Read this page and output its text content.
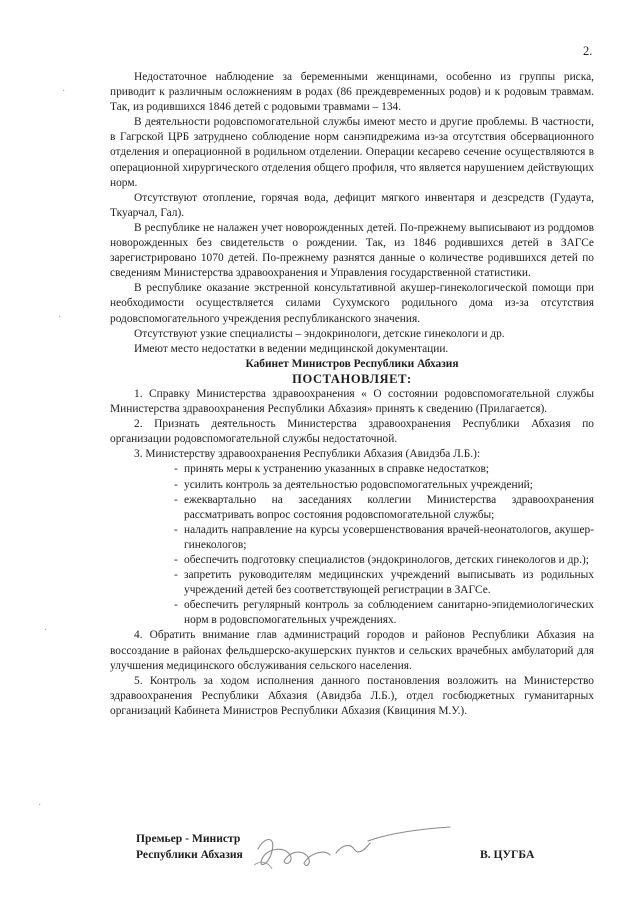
2.
·
·
·
·

Недостаточное наблюдение за беременными женщинами, особенно из группы риска, приводит к различным осложнениям в родах (86 преждевременных родов) и к родовым травмам. Так, из родившихся 1846 детей с родовыми травмами – 134.

В деятельности родовспомогательной службы имеют место и другие проблемы. В частности, в Гагрской ЦРБ затруднено соблюдение норм санэпидрежима из-за отсутствия обсервационного отделения и операционной в родильном отделении. Операции кесарево сечение осуществляются в операционной хирургического отделения общего профиля, что является нарушением действующих норм.

Отсутствуют отопление, горячая вода, дефицит мягкого инвентаря и дезсредств (Гудаута, Ткуарчал, Гал).

В республике не налажен учет новорожденных детей. По-прежнему выписывают из роддомов новорожденных без свидетельств о рождении. Так, из 1846 родившихся детей в ЗАГСе зарегистрировано 1070 детей. По-прежнему разнятся данные о количестве родившихся детей по сведениям Министерства здравоохранения и Управления государственной статистики.

В республике оказание экстренной консультативной акушер-гинекологической помощи при необходимости осуществляется силами Сухумского родильного дома из-за отсутствия родовспомогательного учреждения республиканского значения.

Отсутствуют узкие специалисты – эндокринологи, детские гинекологи и др.

Имеют место недостатки в ведении медицинской документации.

Кабинет Министров Республики Абхазия

ПОСТАНОВЛЯЕТ:

1. Справку Министерства здравоохранения « О состоянии родовспомогательной службы Министерства здравоохранения Республики Абхазия» принять к сведению (Прилагается).

2. Признать деятельность Министерства здравоохранения Республики Абхазия по организации родовспомогательной службы недостаточной.

3. Министерству здравоохранения Республики Абхазия (Авидзба Л.Б.):

- принять меры к устранению указанных в справке недостатков;
- усилить контроль за деятельностью родовспомогательных учреждений;
- ежеквартально на заседаниях коллегии Министерства здравоохранения рассматривать вопрос состояния родовспомогательной службы;
- наладить направление на курсы усовершенствования врачей-неонатологов, акушер-гинекологов;
- обеспечить подготовку специалистов (эндокринологов, детских гинекологов и др.);
- запретить руководителям медицинских учреждений выписывать из родильных учреждений детей без соответствующей регистрации в ЗАГСе.
- обеспечить регулярный контроль за соблюдением санитарно-эпидемиологических норм в родовспомогательных учреждениях.

4. Обратить внимание глав администраций городов и районов Республики Абхазия на воссоздание в районах фельдшерско-акушерских пунктов и сельских врачебных амбулаторий для улучшения медицинского обслуживания сельского населения.

5. Контроль за ходом исполнения данного постановления возложить на Министерство здравоохранения Республики Абхазия (Авидзба Л.Б.), отдел госбюджетных гуманитарных организаций Кабинета Министров Республики Абхазия (Квициния М.У.).

Премьер - Министр
Республики Абхазия	В. ЦУГБА
